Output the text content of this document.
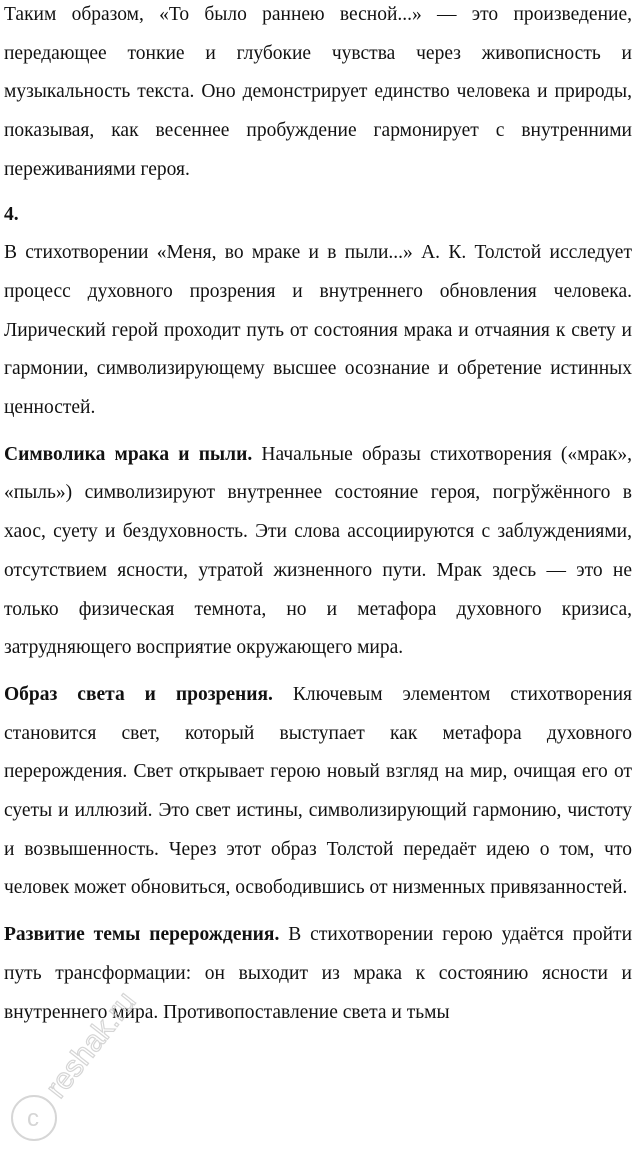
Таким образом, «То было раннею весной...» — это произведение, передающее тонкие и глубокие чувства через живописность и музыкальность текста. Оно демонстрирует единство человека и природы, показывая, как весеннее пробуждение гармонирует с внутренними переживаниями героя.

4.

В стихотворении «Меня, во мраке и в пыли...» А. К. Толстой исследует процесс духовного прозрения и внутреннего обновления человека. Лирический герой проходит путь от состояния мрака и отчаяния к свету и гармонии, символизирующему высшее осознание и обретение истинных ценностей.

Символика мрака и пыли. Начальные образы стихотворения («мрак», «пыль») символизируют внутреннее состояние героя, погрўжённого в хаос, суету и бездуховность. Эти слова ассоциируются с заблуждениями, отсутствием ясности, утратой жизненного пути. Мрак здесь — это не только физическая темнота, но и метафора духовного кризиса, затрудняющего восприятие окружающего мира.

Образ света и прозрения. Ключевым элементом стихотворения становится свет, который выступает как метафора духовного перерождения. Свет открывает герою новый взгляд на мир, очищая его от суеты и иллюзий. Это свет истины, символизирующий гармонию, чистоту и возвышенность. Через этот образ Толстой передаёт идею о том, что человек может обновиться, освободившись от низменных привязанностей.

Развитие темы перерождения. В стихотворении герою удаётся пройти путь трансформации: он выходит из мрака к состоянию ясности и внутреннего мира. Противопоставление света и тьмы

c
reshak.ru
